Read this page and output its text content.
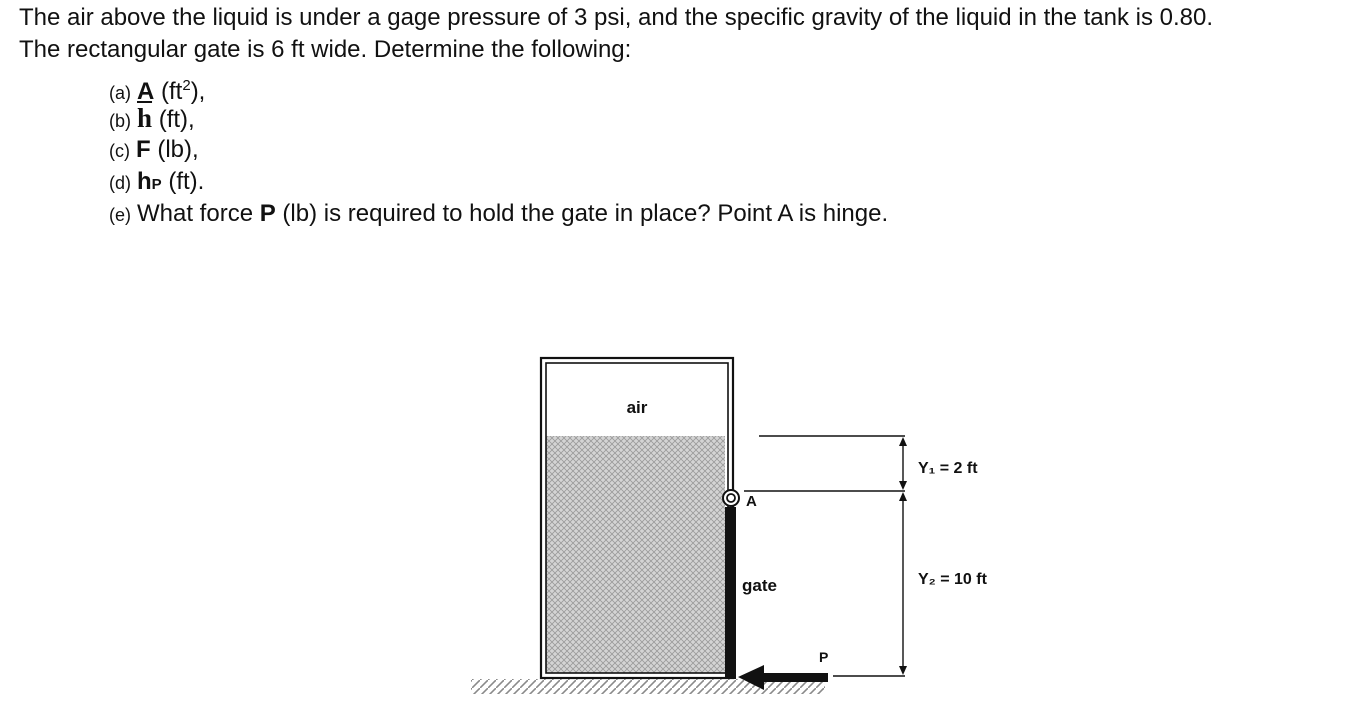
The air above the liquid is under a gage pressure of 3 psi, and the specific gravity of the liquid in the tank is 0.80.

The rectangular gate is 6 ft wide. Determine the following:

(a) A $(ft^2)$,
(b) $\overline{h}$ (ft),
(c) F (lb),
(d) hP (ft).
(e) What force P (lb) is required to hold the gate in place? Point A is hinge.
air
A
gate
P
Y₁ = 2 ft
Y₂ = 10 ft
